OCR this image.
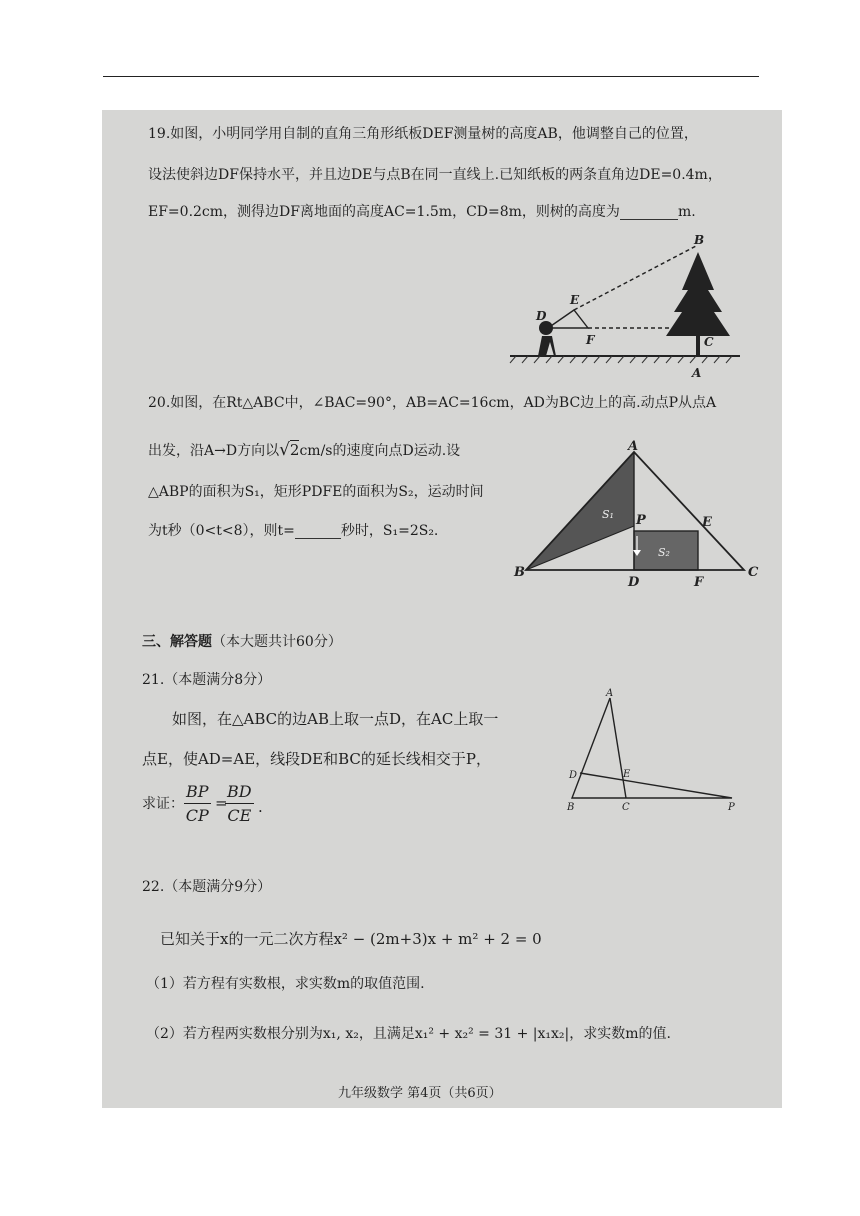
19.如图，小明同学用自制的直角三角形纸板DEF测量树的高度AB，他调整自己的位置，
设法使斜边DF保持水平，并且边DE与点B在同一直线上.已知纸板的两条直角边DE=0.4m，
EF=0.2cm，测得边DF离地面的高度AC=1.5m，CD=8m，则树的高度为	m.
B
E
D
F	C
A
20.如图，在Rt△ABC中，∠BAC=90°，AB=AC=16cm，AD为BC边上的高.动点P从点A
出发，沿A→D方向以√2cm/s的速度向点D运动.设
△ABP的面积为S₁，矩形PDFE的面积为S₂，运动时间
为t秒（0<t<8），则t=	秒时，S₁=2S₂.
A
B	C
D
E
F
P
S₁
S₂
三、解答题（本大题共计60分）
21.（本题满分8分）
如图，在△ABC的边AB上取一点D，在AC上取一
点E，使AD=AE，线段DE和BC的延长线相交于P，
求证： $\frac{BP}{CP}$ =
$\frac{BD}{CE}$ .
A
B	C
D	E
P
22.（本题满分9分）
已知关于x的一元二次方程x² − (2m+3)x + m² + 2 = 0
（1）若方程有实数根，求实数m的取值范围.
（2）若方程两实数根分别为x₁, x₂，且满足x₁² + x₂² = 31 + |x₁x₂|，求实数m的值.
九年级数学 第4页（共6页）
